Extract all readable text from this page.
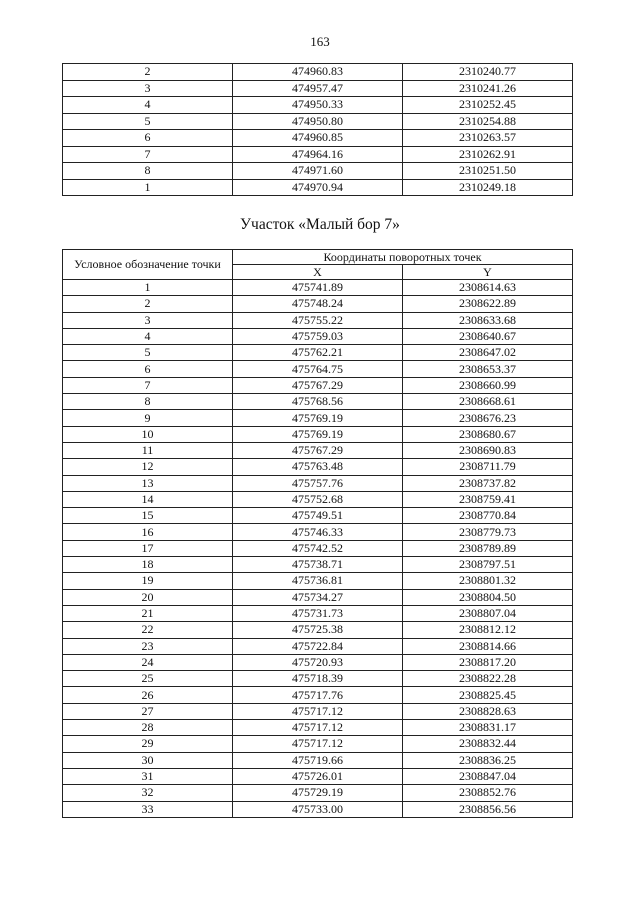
163
2	474960.83	2310240.77
3	474957.47	2310241.26
4	474950.33	2310252.45
5	474950.80	2310254.88
6	474960.85	2310263.57
7	474964.16	2310262.91
8	474971.60	2310251.50
1	474970.94	2310249.18
Участок «Малый бор 7»
Условное обозначение точки	Координаты поворотных точек	
	X	Y
1	475741.89	2308614.63
2	475748.24	2308622.89
3	475755.22	2308633.68
4	475759.03	2308640.67
5	475762.21	2308647.02
6	475764.75	2308653.37
7	475767.29	2308660.99
8	475768.56	2308668.61
9	475769.19	2308676.23
10	475769.19	2308680.67
11	475767.29	2308690.83
12	475763.48	2308711.79
13	475757.76	2308737.82
14	475752.68	2308759.41
15	475749.51	2308770.84
16	475746.33	2308779.73
17	475742.52	2308789.89
18	475738.71	2308797.51
19	475736.81	2308801.32
20	475734.27	2308804.50
21	475731.73	2308807.04
22	475725.38	2308812.12
23	475722.84	2308814.66
24	475720.93	2308817.20
25	475718.39	2308822.28
26	475717.76	2308825.45
27	475717.12	2308828.63
28	475717.12	2308831.17
29	475717.12	2308832.44
30	475719.66	2308836.25
31	475726.01	2308847.04
32	475729.19	2308852.76
33	475733.00	2308856.56
